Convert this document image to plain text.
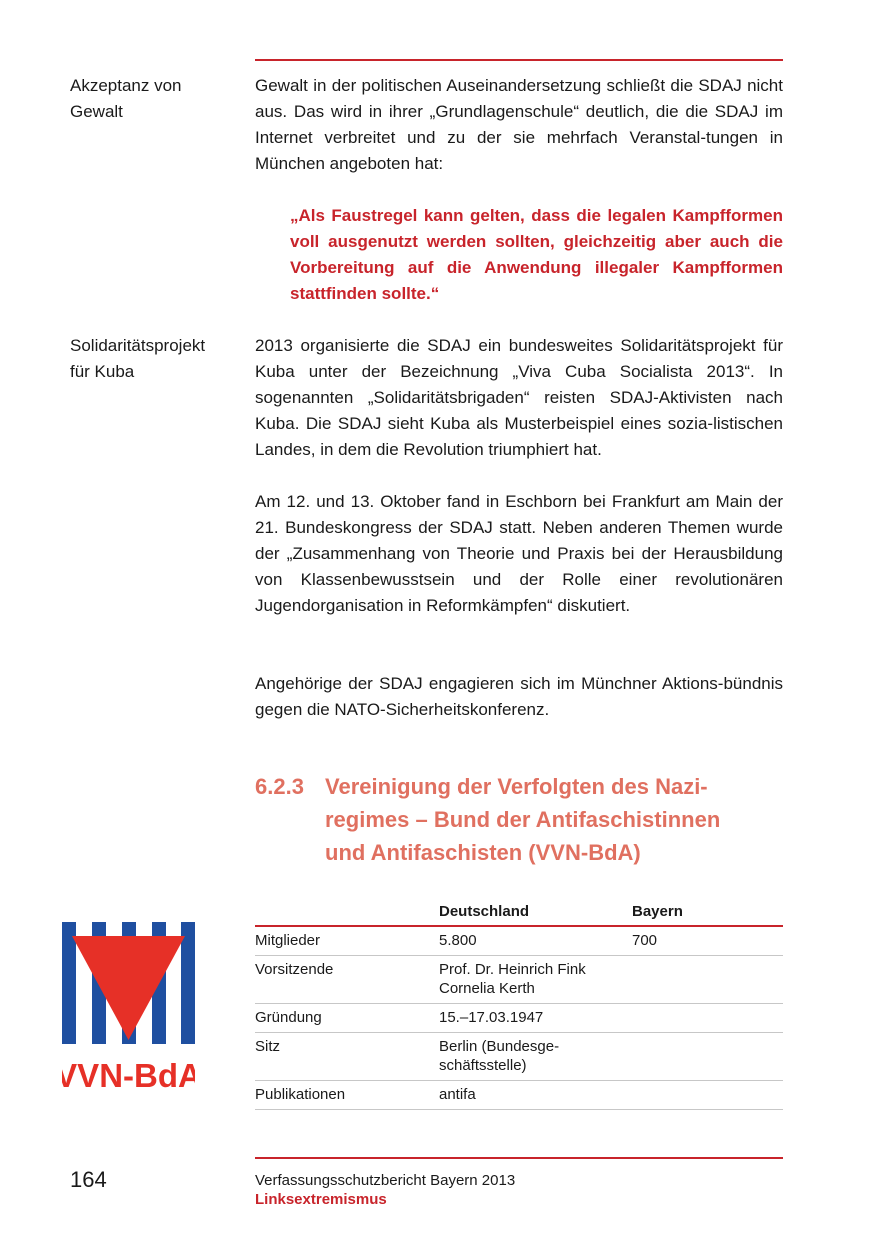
Akzeptanz von
Gewalt

Gewalt in der politischen Auseinandersetzung schließt die SDAJ nicht aus. Das wird in ihrer „Grundlagenschule“ deutlich, die die SDAJ im Internet verbreitet und zu der sie mehrfach Veranstal-tungen in München angeboten hat:

„Als Faustregel kann gelten, dass die legalen Kampfformen voll ausgenutzt werden sollten, gleichzeitig aber auch die Vorbereitung auf die Anwendung illegaler Kampfformen stattfinden sollte.“

Solidaritätsprojekt
für Kuba

2013 organisierte die SDAJ ein bundesweites Solidaritätsprojekt für Kuba unter der Bezeichnung „Viva Cuba Socialista 2013“. In sogenannten „Solidaritätsbrigaden“ reisten SDAJ-Aktivisten nach Kuba. Die SDAJ sieht Kuba als Musterbeispiel eines sozia-listischen Landes, in dem die Revolution triumphiert hat.

Am 12. und 13. Oktober fand in Eschborn bei Frankfurt am Main der 21. Bundeskongress der SDAJ statt. Neben anderen Themen wurde der „Zusammenhang von Theorie und Praxis bei der Herausbildung von Klassenbewusstsein und der Rolle einer revolutionären Jugendorganisation in Reformkämpfen“ diskutiert.

Angehörige der SDAJ engagieren sich im Münchner Aktions-bündnis gegen die NATO-Sicherheitskonferenz.

6.2.3 Vereinigung der Verfolgten des Nazi-regimes – Bund der Antifaschistinnen und Antifaschisten (VVN-BdA)
VVN-BdA
	Deutschland	Bayern
Mitglieder	5.800	700
Vorsitzende	Prof. Dr. Heinrich Fink
Cornelia Kerth	
Gründung	15.–17.03.1947	
Sitz	Berlin (Bundesge-
schäftsstelle)	
Publikationen	antifa	
164	Verfassungsschutzbericht Bayern 2013
Linksextremismus
